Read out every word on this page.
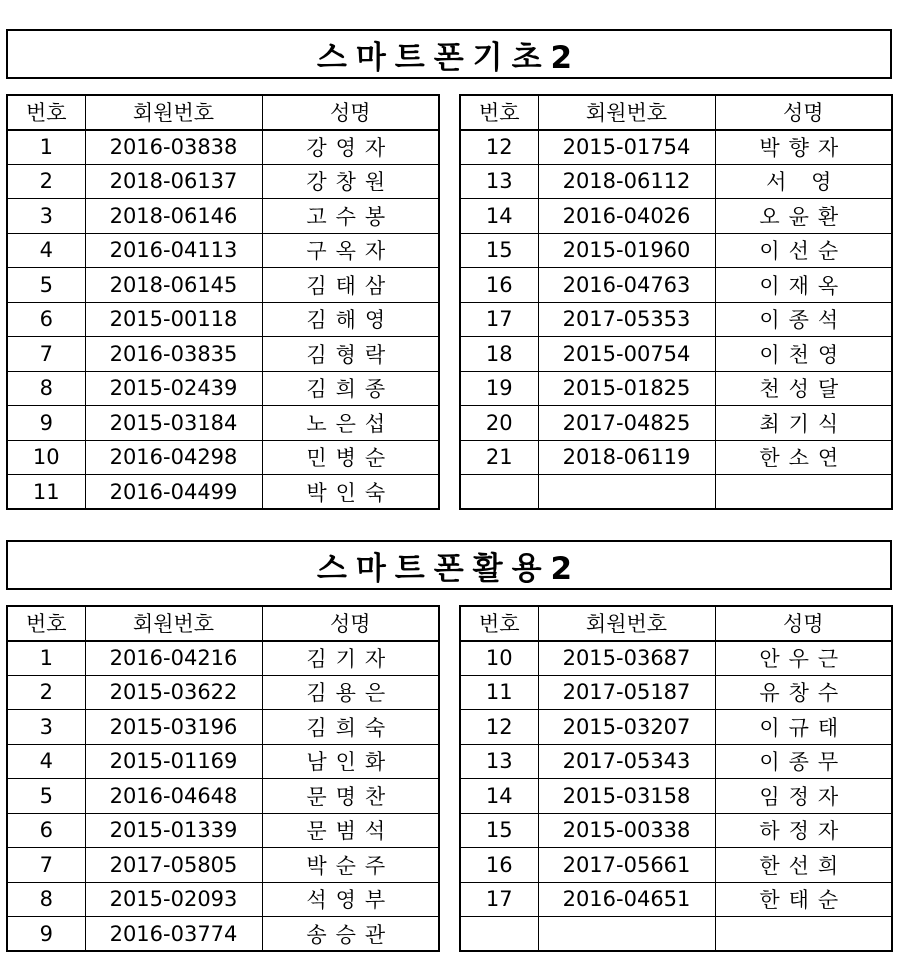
스마트폰기초2
번호	회원번호	성명
1	2016-03838	강영자
2	2018-06137	강창원
3	2018-06146	고수봉
4	2016-04113	구옥자
5	2018-06145	김태삼
6	2015-00118	김해영
7	2016-03835	김형락
8	2015-02439	김희종
9	2015-03184	노은섭
10	2016-04298	민병순
11	2016-04499	박인숙
번호	회원번호	성명
12	2015-01754	박향자
13	2018-06112	서 영
14	2016-04026	오윤환
15	2015-01960	이선순
16	2016-04763	이재옥
17	2017-05353	이종석
18	2015-00754	이천영
19	2015-01825	천성달
20	2017-04825	최기식
21	2018-06119	한소연

스마트폰활용2
번호	회원번호	성명
1	2016-04216	김기자
2	2015-03622	김용은
3	2015-03196	김희숙
4	2015-01169	남인화
5	2016-04648	문명찬
6	2015-01339	문범석
7	2017-05805	박순주
8	2015-02093	석영부
9	2016-03774	송승관
번호	회원번호	성명
10	2015-03687	안우근
11	2017-05187	유창수
12	2015-03207	이규태
13	2017-05343	이종무
14	2015-03158	임정자
15	2015-00338	하정자
16	2017-05661	한선희
17	2016-04651	한태순
